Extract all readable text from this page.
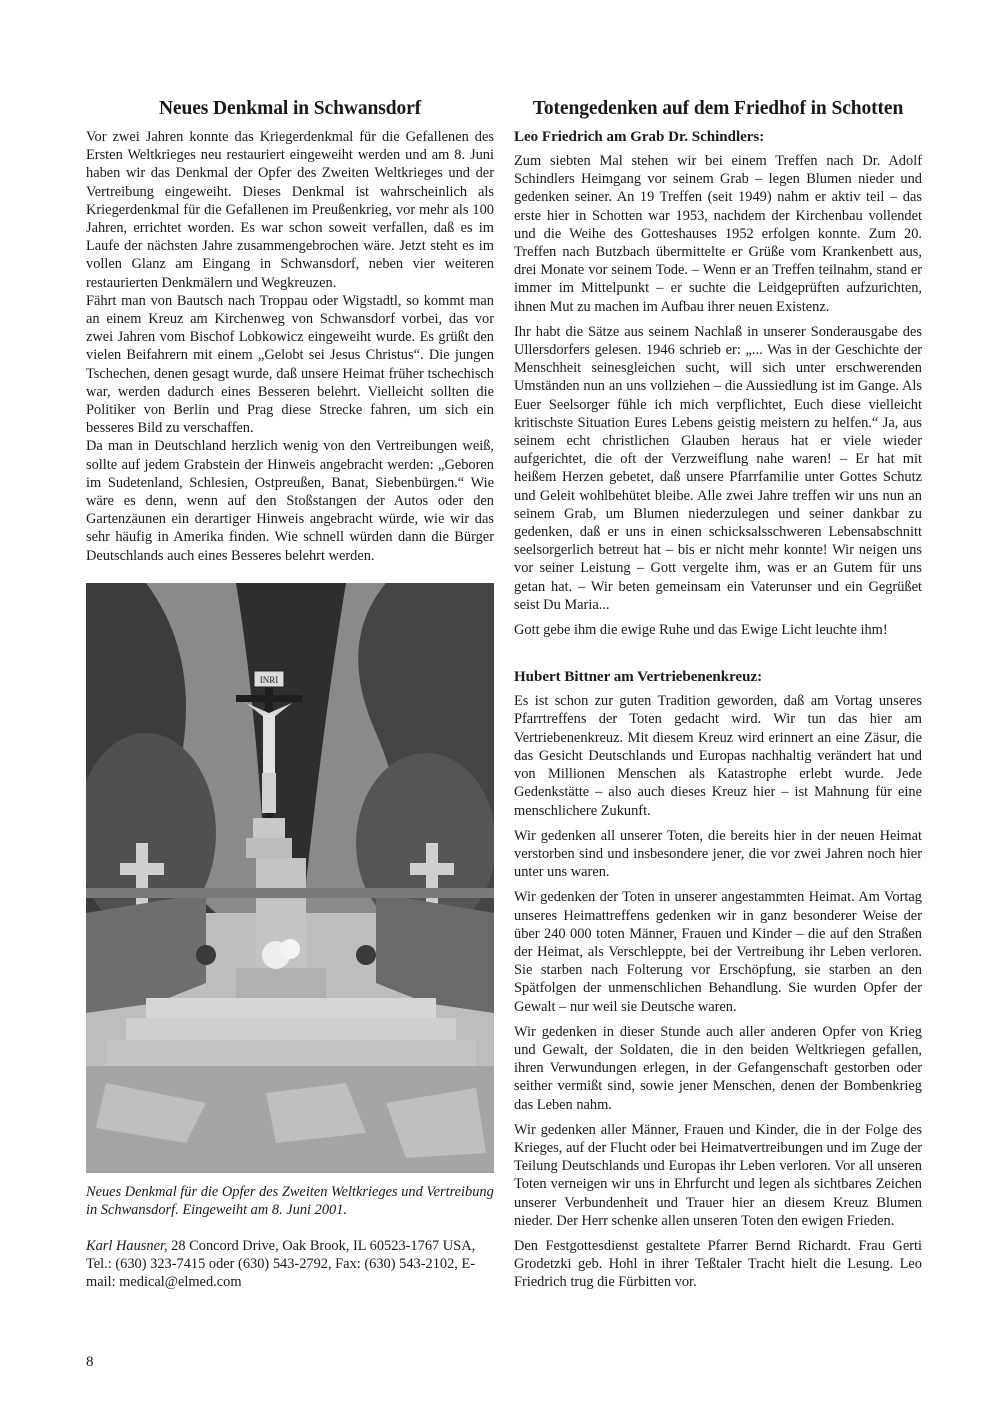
Neues Denkmal in Schwansdorf

Vor zwei Jahren konnte das Kriegerdenkmal für die Gefallenen des Ersten Weltkrieges neu restauriert eingeweiht werden und am 8. Juni haben wir das Denkmal der Opfer des Zweiten Weltkrieges und der Vertreibung eingeweiht. Dieses Denkmal ist wahrscheinlich als Kriegerdenkmal für die Gefallenen im Preußenkrieg, vor mehr als 100 Jahren, errichtet worden. Es war schon soweit verfallen, daß es im Laufe der nächsten Jahre zusammengebrochen wäre. Jetzt steht es im vollen Glanz am Eingang in Schwansdorf, neben vier weiteren restaurierten Denkmälern und Wegkreuzen.

Fährt man von Bautsch nach Troppau oder Wigstadtl, so kommt man an einem Kreuz am Kirchenweg von Schwansdorf vorbei, das vor zwei Jahren vom Bischof Lobkowicz eingeweiht wurde. Es grüßt den vielen Beifahrern mit einem „Gelobt sei Jesus Christus“. Die jungen Tschechen, denen gesagt wurde, daß unsere Heimat früher tschechisch war, werden dadurch eines Besseren belehrt. Vielleicht sollten die Politiker von Berlin und Prag diese Strecke fahren, um sich ein besseres Bild zu verschaffen.

Da man in Deutschland herzlich wenig von den Vertreibungen weiß, sollte auf jedem Grabstein der Hinweis angebracht werden: „Geboren im Sudetenland, Schlesien, Ostpreußen, Banat, Siebenbürgen.“ Wie wäre es denn, wenn auf den Stoßstangen der Autos oder den Gartenzäunen ein derartiger Hinweis angebracht würde, wie wir das sehr häufig in Amerika finden. Wie schnell würden dann die Bürger Deutschlands auch eines Besseres belehrt werden.

INRI
Neues Denkmal für die Opfer des Zweiten Weltkrieges und Vertreibung in Schwansdorf. Eingeweiht am 8. Juni 2001.
Karl Hausner, 28 Concord Drive, Oak Brook, IL 60523-1767 USA, Tel.: (630) 323-7415 oder (630) 543-2792, Fax: (630) 543-2102, E-mail: medical@elmed.com
Totengedenken auf dem Friedhof in Schotten
Leo Friedrich am Grab Dr. Schindlers:

Zum siebten Mal stehen wir bei einem Treffen nach Dr. Adolf Schindlers Heimgang vor seinem Grab – legen Blumen nieder und gedenken seiner. An 19 Treffen (seit 1949) nahm er aktiv teil – das erste hier in Schotten war 1953, nachdem der Kirchenbau vollendet und die Weihe des Gotteshauses 1952 erfolgen konnte. Zum 20. Treffen nach Butzbach übermittelte er Grüße vom Krankenbett aus, drei Monate vor seinem Tode. – Wenn er an Treffen teilnahm, stand er immer im Mittelpunkt – er suchte die Leidgeprüften aufzurichten, ihnen Mut zu machen im Aufbau ihrer neuen Existenz.

Ihr habt die Sätze aus seinem Nachlaß in unserer Sonderausgabe des Ullersdorfers gelesen. 1946 schrieb er: „... Was in der Geschichte der Menschheit seinesgleichen sucht, will sich unter erschwerenden Umständen nun an uns vollziehen – die Aussiedlung ist im Gange. Als Euer Seelsorger fühle ich mich verpflichtet, Euch diese vielleicht kritischste Situation Eures Lebens geistig meistern zu helfen.“ Ja, aus seinem echt christlichen Glauben heraus hat er viele wieder aufgerichtet, die oft der Verzweiflung nahe waren! – Er hat mit heißem Herzen gebetet, daß unsere Pfarrfamilie unter Gottes Schutz und Geleit wohlbehütet bleibe. Alle zwei Jahre treffen wir uns nun an seinem Grab, um Blumen niederzulegen und seiner dankbar zu gedenken, daß er uns in einen schicksalsschweren Lebensabschnitt seelsorgerlich betreut hat – bis er nicht mehr konnte! Wir neigen uns vor seiner Leistung – Gott vergelte ihm, was er an Gutem für uns getan hat. – Wir beten gemeinsam ein Vaterunser und ein Gegrüßet seist Du Maria...

Gott gebe ihm die ewige Ruhe und das Ewige Licht leuchte ihm!

Hubert Bittner am Vertriebenenkreuz:

Es ist schon zur guten Tradition geworden, daß am Vortag unseres Pfarrtreffens der Toten gedacht wird. Wir tun das hier am Vertriebenenkreuz. Mit diesem Kreuz wird erinnert an eine Zäsur, die das Gesicht Deutschlands und Europas nachhaltig verändert hat und von Millionen Menschen als Katastrophe erlebt wurde. Jede Gedenkstätte – also auch dieses Kreuz hier – ist Mahnung für eine menschlichere Zukunft.

Wir gedenken all unserer Toten, die bereits hier in der neuen Heimat verstorben sind und insbesondere jener, die vor zwei Jahren noch hier unter uns waren.

Wir gedenken der Toten in unserer angestammten Heimat. Am Vortag unseres Heimattreffens gedenken wir in ganz besonderer Weise der über 240 000 toten Männer, Frauen und Kinder – die auf den Straßen der Heimat, als Verschleppte, bei der Vertreibung ihr Leben verloren. Sie starben nach Folterung vor Erschöpfung, sie starben an den Spätfolgen der unmenschlichen Behandlung. Sie wurden Opfer der Gewalt – nur weil sie Deutsche waren.

Wir gedenken in dieser Stunde auch aller anderen Opfer von Krieg und Gewalt, der Soldaten, die in den beiden Weltkriegen gefallen, ihren Verwundungen erlegen, in der Gefangenschaft gestorben oder seither vermißt sind, sowie jener Menschen, denen der Bombenkrieg das Leben nahm.

Wir gedenken aller Männer, Frauen und Kinder, die in der Folge des Krieges, auf der Flucht oder bei Heimatvertreibungen und im Zuge der Teilung Deutschlands und Europas ihr Leben verloren. Vor all unseren Toten verneigen wir uns in Ehrfurcht und legen als sichtbares Zeichen unserer Verbundenheit und Trauer hier an diesem Kreuz Blumen nieder. Der Herr schenke allen unseren Toten den ewigen Frieden.

Den Festgottesdienst gestaltete Pfarrer Bernd Richardt. Frau Gerti Grodetzki geb. Hohl in ihrer Teßtaler Tracht hielt die Lesung. Leo Friedrich trug die Fürbitten vor.

8
